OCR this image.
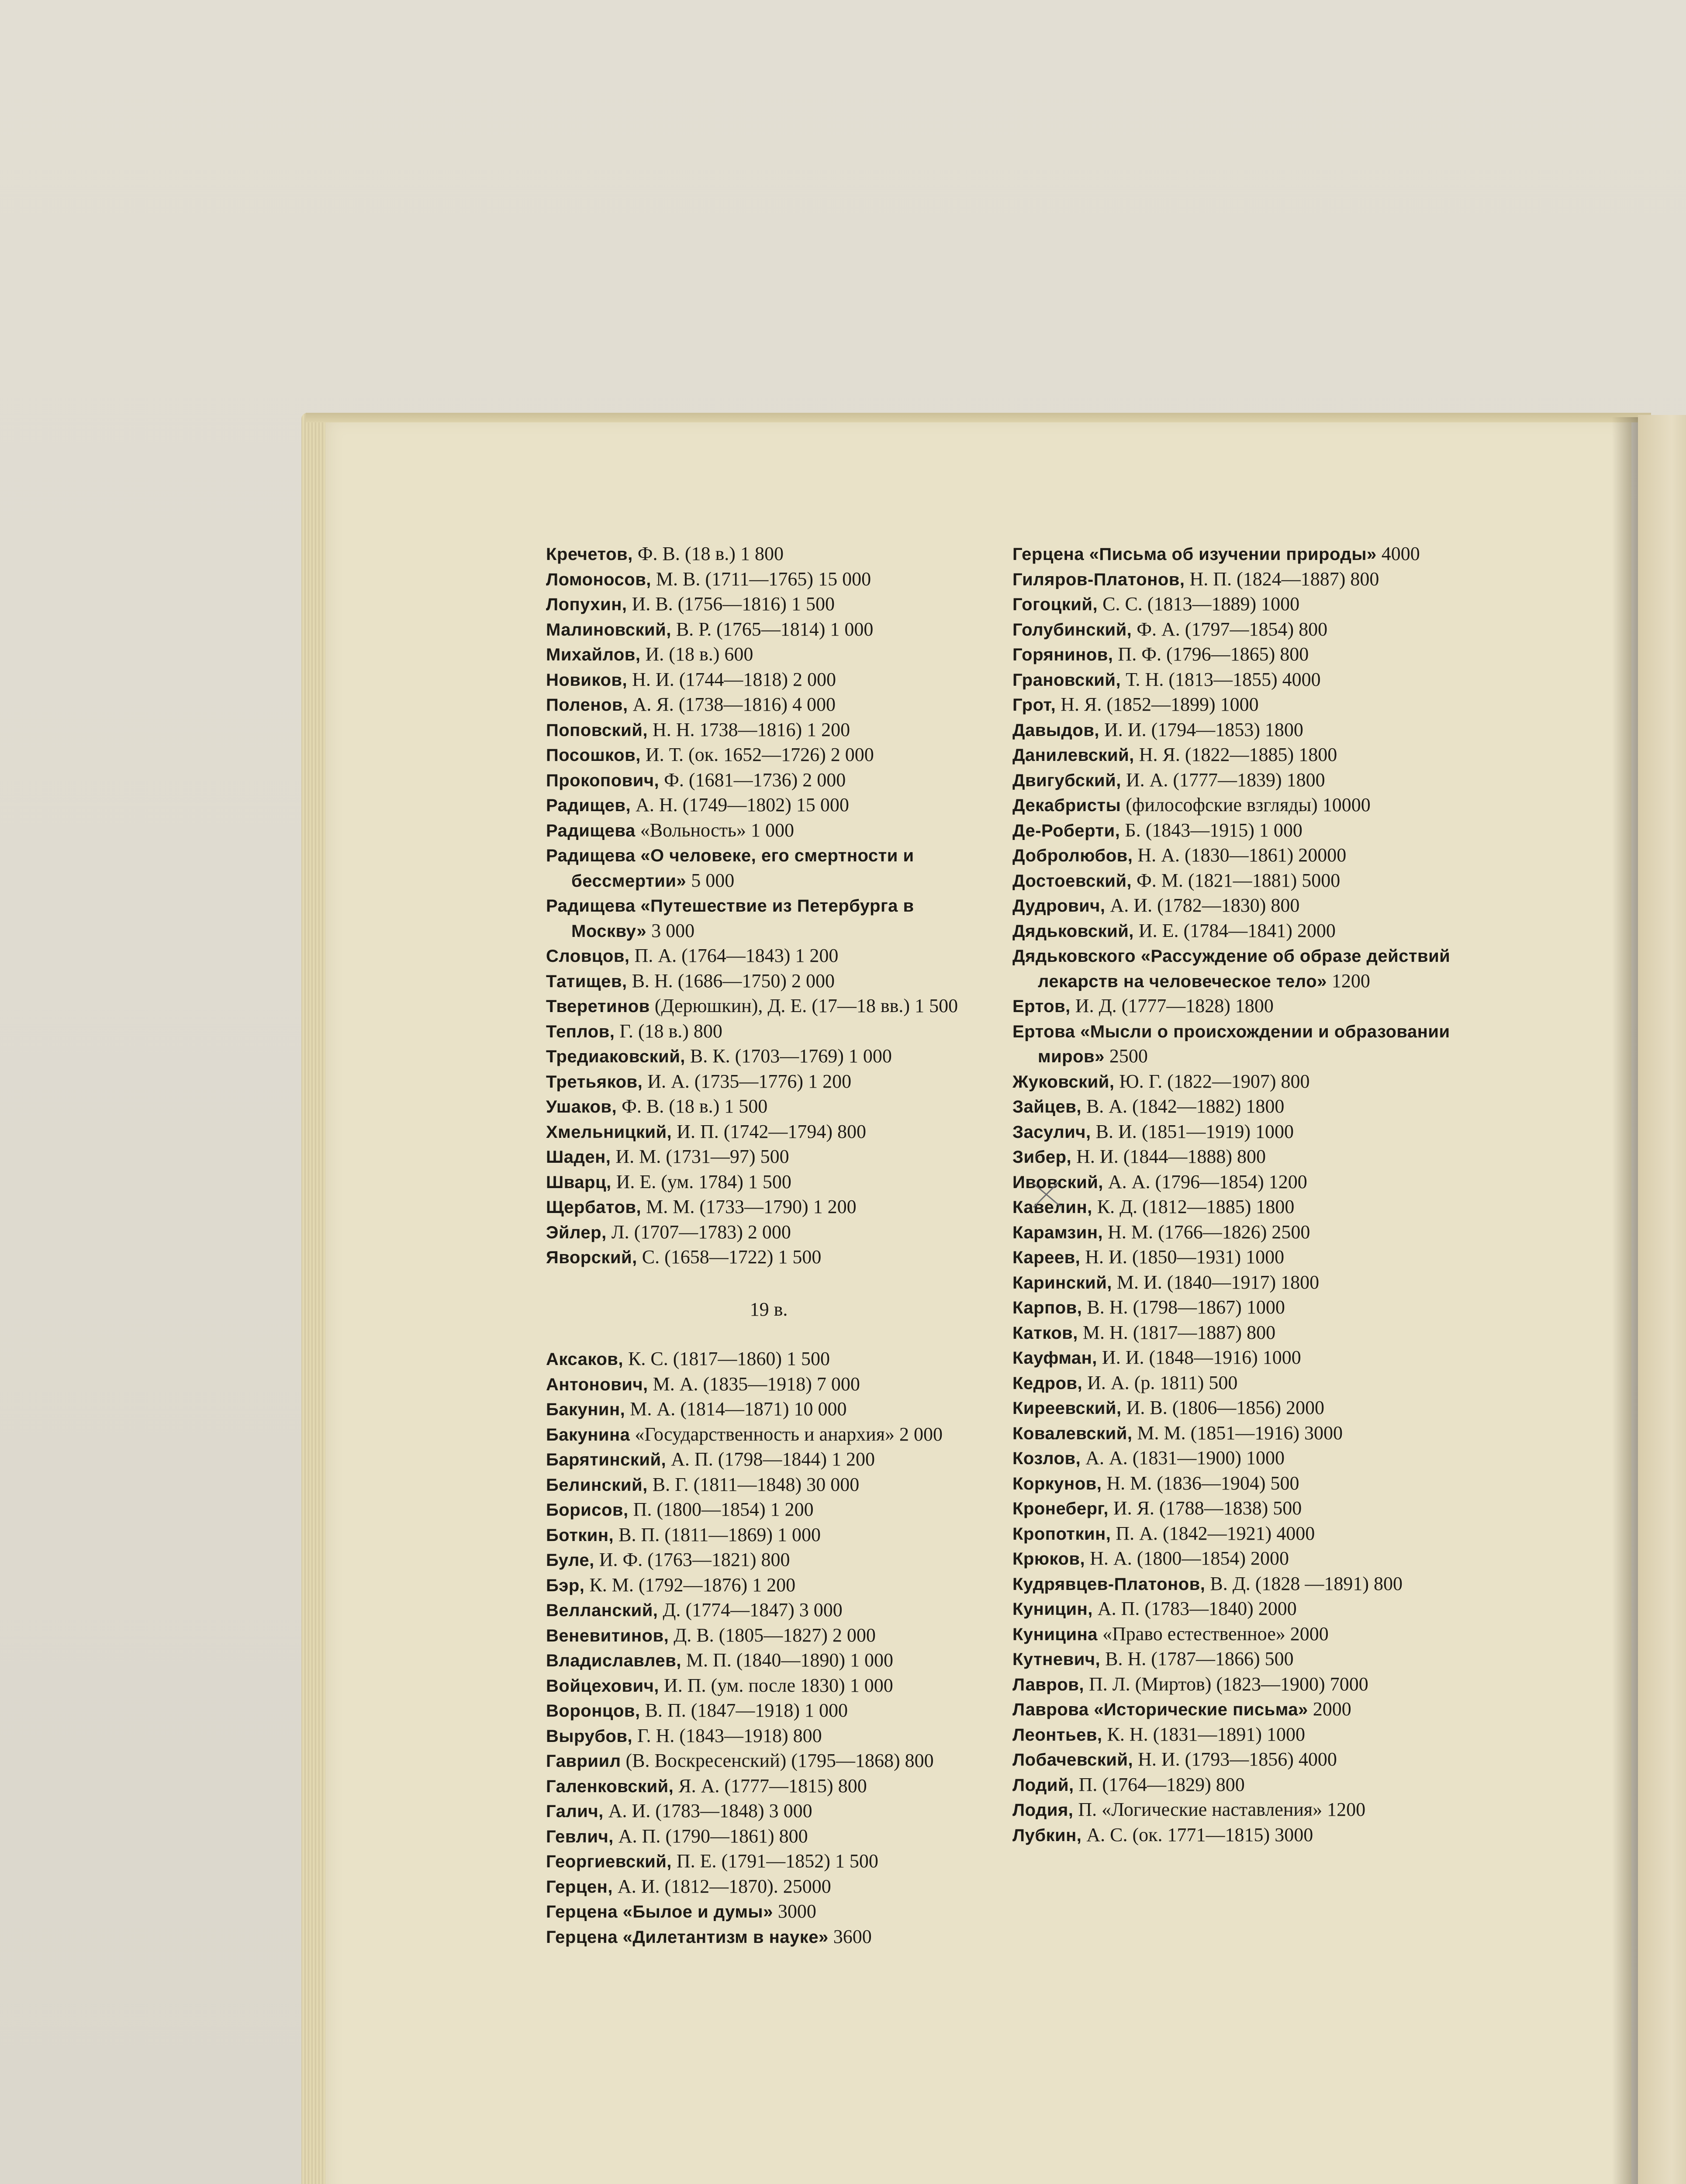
Кречетов, Ф. В. (18 в.) 1 800

Ломоносов, М. В. (1711—1765) 15 000

Лопухин, И. В. (1756—1816) 1 500

Малиновский, В. Р. (1765—1814) 1 000

Михайлов, И. (18 в.) 600

Новиков, Н. И. (1744—1818) 2 000

Поленов, А. Я. (1738—1816) 4 000

Поповский, Н. Н. 1738—1816) 1 200

Посошков, И. Т. (ок. 1652—1726) 2 000

Прокопович, Ф. (1681—1736) 2 000

Радищев, А. Н. (1749—1802) 15 000

Радищева «Вольность» 1 000

Радищева «О человеке, его смертности и бессмертии» 5 000

Радищева «Путешествие из Петербурга в Москву» 3 000

Словцов, П. А. (1764—1843) 1 200

Татищев, В. Н. (1686—1750) 2 000

Тверетинов (Дерюшкин), Д. Е. (17—18 вв.) 1 500

Теплов, Г. (18 в.) 800

Тредиаковский, В. К. (1703—1769) 1 000

Третьяков, И. А. (1735—1776) 1 200

Ушаков, Ф. В. (18 в.) 1 500

Хмельницкий, И. П. (1742—1794) 800

Шаден, И. М. (1731—97) 500

Шварц, И. Е. (ум. 1784) 1 500

Щербатов, М. М. (1733—1790) 1 200

Эйлер, Л. (1707—1783) 2 000

Яворский, С. (1658—1722) 1 500

19 в.

Аксаков, К. С. (1817—1860) 1 500

Антонович, М. А. (1835—1918) 7 000

Бакунин, М. А. (1814—1871) 10 000

Бакунина «Государственность и анархия» 2 000

Барятинский, А. П. (1798—1844) 1 200

Белинский, В. Г. (1811—1848) 30 000

Борисов, П. (1800—1854) 1 200

Боткин, В. П. (1811—1869) 1 000

Буле, И. Ф. (1763—1821) 800

Бэр, К. М. (1792—1876) 1 200

Велланский, Д. (1774—1847) 3 000

Веневитинов, Д. В. (1805—1827) 2 000

Владиславлев, М. П. (1840—1890) 1 000

Войцехович, И. П. (ум. после 1830) 1 000

Воронцов, В. П. (1847—1918) 1 000

Вырубов, Г. Н. (1843—1918) 800

Гавриил (В. Воскресенский) (1795—1868) 800

Галенковский, Я. А. (1777—1815) 800

Галич, А. И. (1783—1848) 3 000

Гевлич, А. П. (1790—1861) 800

Георгиевский, П. Е. (1791—1852) 1 500

Герцен, А. И. (1812—1870). 25000

Герцена «Былое и думы» 3000

Герцена «Дилетантизм в науке» 3600

Герцена «Письма об изучении природы» 4000

Гиляров-Платонов, Н. П. (1824—1887) 800

Гогоцкий, С. С. (1813—1889) 1000

Голубинский, Ф. А. (1797—1854) 800

Горянинов, П. Ф. (1796—1865) 800

Грановский, Т. Н. (1813—1855) 4000

Грот, Н. Я. (1852—1899) 1000

Давыдов, И. И. (1794—1853) 1800

Данилевский, Н. Я. (1822—1885) 1800

Двигубский, И. А. (1777—1839) 1800

Декабристы (философские взгляды) 10000

Де-Роберти, Б. (1843—1915) 1 000

Добролюбов, Н. А. (1830—1861) 20000

Достоевский, Ф. М. (1821—1881) 5000

Дудрович, А. И. (1782—1830) 800

Дядьковский, И. Е. (1784—1841) 2000

Дядьковского «Рассуждение об образе действий лекарств на человеческое тело» 1200

Ертов, И. Д. (1777—1828) 1800

Ертова «Мысли о происхождении и образовании миров» 2500

Жуковский, Ю. Г. (1822—1907) 800

Зайцев, В. А. (1842—1882) 1800

Засулич, В. И. (1851—1919) 1000

Зибер, Н. И. (1844—1888) 800

Ивовский, А. А. (1796—1854) 1200

Кавелин, К. Д. (1812—1885) 1800

Карамзин, Н. М. (1766—1826) 2500

Кареев, Н. И. (1850—1931) 1000

Каринский, М. И. (1840—1917) 1800

Карпов, В. Н. (1798—1867) 1000

Катков, М. Н. (1817—1887) 800

Кауфман, И. И. (1848—1916) 1000

Кедров, И. А. (р. 1811) 500

Киреевский, И. В. (1806—1856) 2000

Ковалевский, М. М. (1851—1916) 3000

Козлов, А. А. (1831—1900) 1000

Коркунов, Н. М. (1836—1904) 500

Кронеберг, И. Я. (1788—1838) 500

Кропоткин, П. А. (1842—1921) 4000

Крюков, Н. А. (1800—1854) 2000

Кудрявцев-Платонов, В. Д. (1828 —1891) 800

Куницин, А. П. (1783—1840) 2000

Куницина «Право естественное» 2000

Кутневич, В. Н. (1787—1866) 500

Лавров, П. Л. (Миртов) (1823—1900) 7000

Лаврова «Исторические письма» 2000

Леонтьев, К. Н. (1831—1891) 1000

Лобачевский, Н. И. (1793—1856) 4000

Лодий, П. (1764—1829) 800

Лодия, П. «Логические наставления» 1200

Лубкин, А. С. (ок. 1771—1815) 3000
